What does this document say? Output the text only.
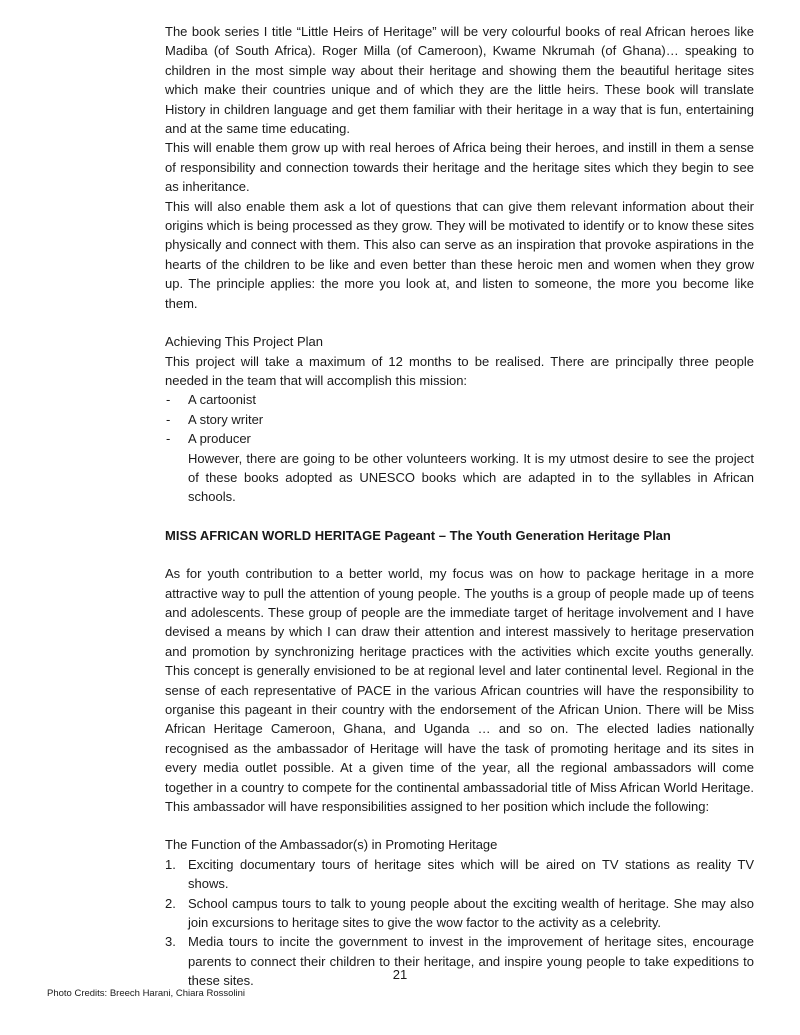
The book series I title “Little Heirs of Heritage” will be very colourful books of real African heroes like Madiba (of South Africa). Roger Milla (of Cameroon), Kwame Nkrumah (of Ghana)… speaking to children in the most simple way about their heritage and showing them the beautiful heritage sites which make their countries unique and of which they are the little heirs. These book will translate History in children language and get them familiar with their heritage in a way that is fun, entertaining and at the same time educating.

This will enable them grow up with real heroes of Africa being their heroes, and instill in them a sense of responsibility and connection towards their heritage and the heritage sites which they begin to see as inheritance.

This will also enable them ask a lot of questions that can give them relevant information about their origins which is being processed as they grow. They will be motivated to identify or to know these sites physically and connect with them. This also can serve as an inspiration that provoke aspirations in the hearts of the children to be like and even better than these heroic men and women when they grow up. The principle applies: the more you look at, and listen to someone, the more you become like them.

Achieving This Project Plan

This project will take a maximum of 12 months to be realised. There are principally three people needed in the team that will accomplish this mission:

- A cartoonist
- A story writer
- A producer

However, there are going to be other volunteers working. It is my utmost desire to see the project of these books adopted as UNESCO books which are adapted in to the syllables in African schools.

MISS AFRICAN WORLD HERITAGE Pageant – The Youth Generation Heritage Plan

As for youth contribution to a better world, my focus was on how to package heritage in a more attractive way to pull the attention of young people. The youths is a group of people made up of teens and adolescents. These group of people are the immediate target of heritage involvement and I have devised a means by which I can draw their attention and interest massively to heritage preservation and promotion by synchronizing heritage practices with the activities which excite youths generally. This concept is generally envisioned to be at regional level and later continental level. Regional in the sense of each representative of PACE in the various African countries will have the responsibility to organise this pageant in their country with the endorsement of the African Union. There will be Miss African Heritage Cameroon, Ghana, and Uganda … and so on. The elected ladies nationally recognised as the ambassador of Heritage will have the task of promoting heritage and its sites in every media outlet possible. At a given time of the year, all the regional ambassadors will come together in a country to compete for the continental ambassadorial title of Miss African World Heritage. This ambassador will have responsibilities assigned to her position which include the following:

The Function of the Ambassador(s) in Promoting Heritage

1. Exciting documentary tours of heritage sites which will be aired on TV stations as reality TV shows.
2. School campus tours to talk to young people about the exciting wealth of heritage. She may also join excursions to heritage sites to give the wow factor to the activity as a celebrity.
3. Media tours to incite the government to invest in the improvement of heritage sites, encourage parents to connect their children to their heritage, and inspire young people to take expeditions to these sites.	21
Photo Credits: Breech Harani, Chiara Rossolini
